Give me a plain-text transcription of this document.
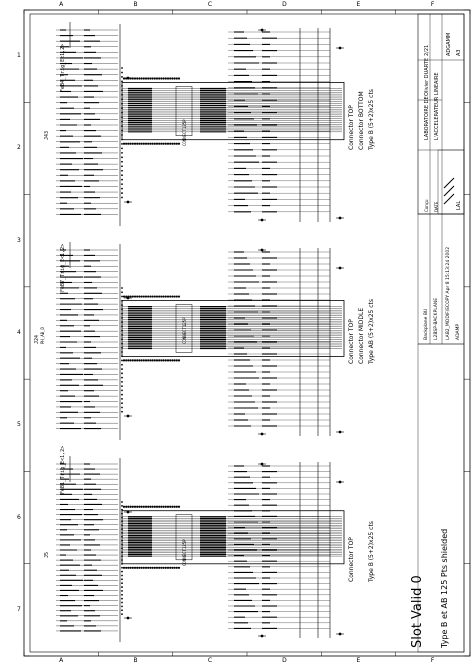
Slot Valid 0 Type B et AB 125 Pts shielded
LABORATOIRE DE L'ACCELERATEUR LINEAIRE
Olivier DUARTE
Conçu DATE
ADGAMM
2/21	A3
LAL
Backplane BU L2BSP-BACKPLANE LAB2_MODIF/ECOPY Apr 8 15:13:24 2002 ADAMP
Connector TOP Connector BOTTOM Type B (5+2)x25 cts
J43	CONNECT125P
FeB4_Trig_E<1,2>
Connector TOP Connector MIDDLE Type AB (5+2)x25 cts
J24 PH_AB_D	CONNECT125P
FeB7_Trig_E<1,2>
Connector TOP Type B (5+2)x25 cts
J5	CONNECT125P
FeB1_Trig_E<1,2>
A
A
B
B
C
C
D
D
E
E
F
F
1
2
3
4
5
6
7
